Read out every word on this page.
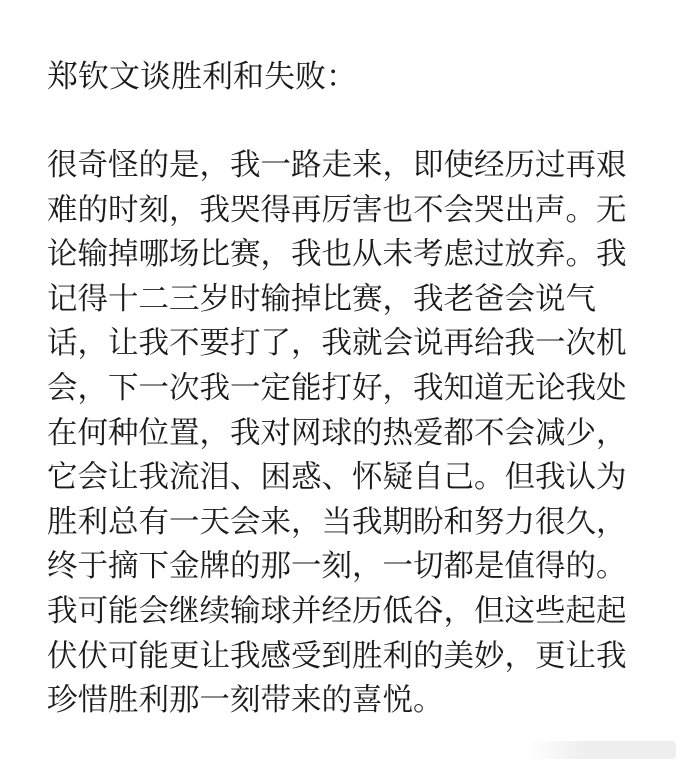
郑钦文谈胜利和失败：
很奇怪的是，我一路走来，即使经历过再艰
难的时刻，我哭得再厉害也不会哭出声。无
论输掉哪场比赛，我也从未考虑过放弃。我
记得十二三岁时输掉比赛，我老爸会说气
话，让我不要打了，我就会说再给我一次机
会，下一次我一定能打好，我知道无论我处
在何种位置，我对网球的热爱都不会减少，
它会让我流泪、困惑、怀疑自己。但我认为
胜利总有一天会来，当我期盼和努力很久，
终于摘下金牌的那一刻，一切都是值得的。
我可能会继续输球并经历低谷，但这些起起
伏伏可能更让我感受到胜利的美妙，更让我
珍惜胜利那一刻带来的喜悦。
